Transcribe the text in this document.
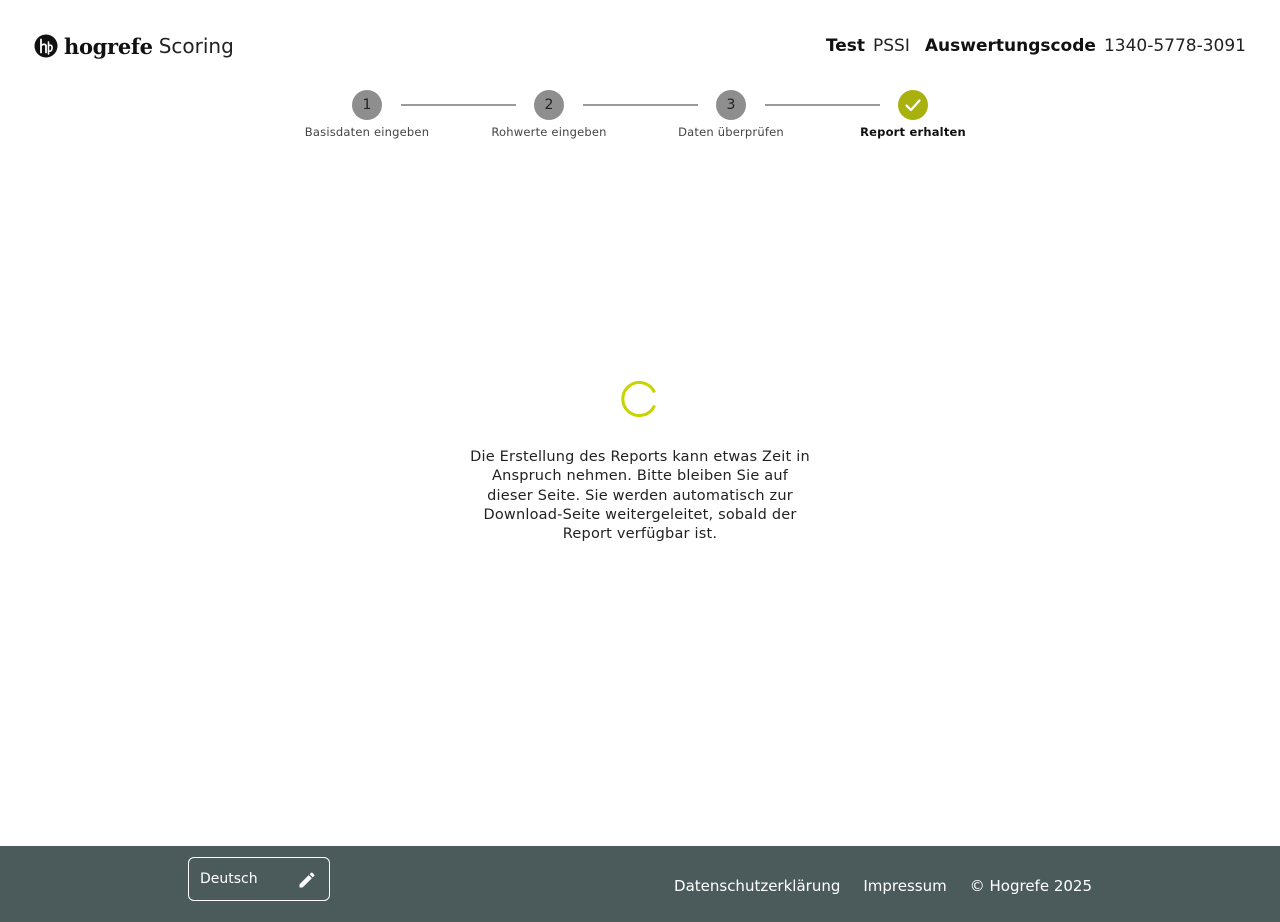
hogrefe Scoring	Test PSSI Auswertungscode 1340-5778-3091
1
Basisdaten eingeben
2
Rohwerte eingeben
3
Daten überprüfen	Report erhalten
Die Erstellung des Reports kann etwas Zeit in Anspruch nehmen. Bitte bleiben Sie auf dieser Seite. Sie werden automatisch zur Download-Seite weitergeleitet, sobald der Report verfügbar ist.
Deutsch	Datenschutzerklärung Impressum © Hogrefe 2025
